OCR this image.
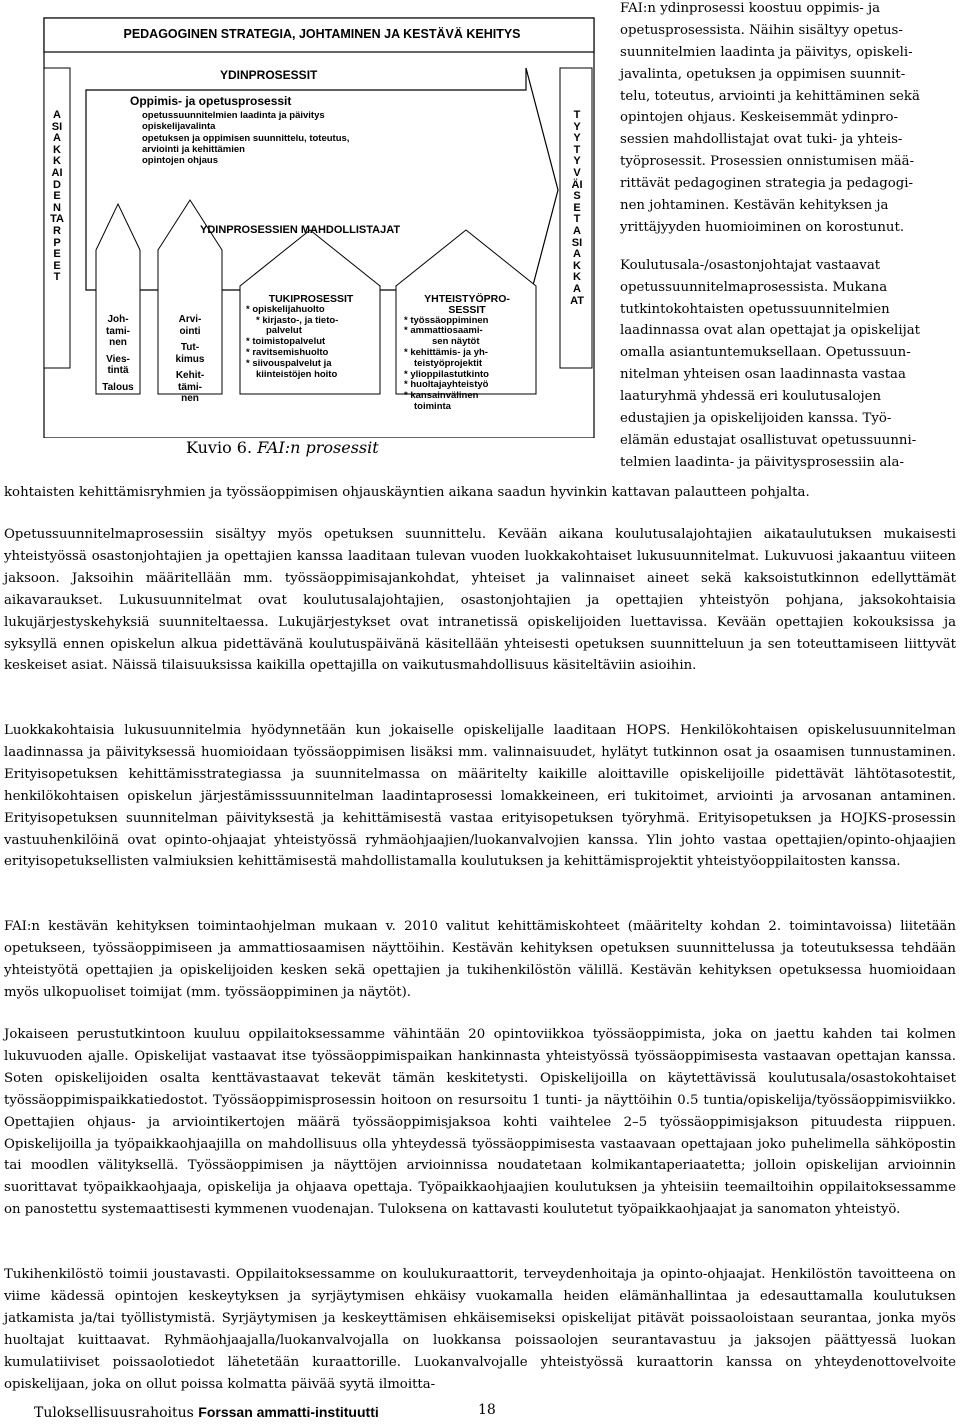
PEDAGOGINEN STRATEGIA, JOHTAMINEN JA KESTÄVÄ KEHITYS
ASIAKKAIDEN TARPEET
TYYTYVÄISET ASIAKKAAT
YDINPROSESSIT
Oppimis- ja opetusprosessit
opetussuunnitelmien laadinta ja päivitys
opiskelijavalinta
opetuksen ja oppimisen suunnittelu, toteutus,
arviointi ja kehittämien
opintojen ohjaus
YDINPROSESSIEN MAHDOLLISTAJAT
Joh-
tami-
nen
Vies-
tintä
Talous
Arvi-
ointi
Tut-
kimus
Kehit-
tämi-
nen
TUKIPROSESSIT
* opiskelijahuolto
* kirjasto-, ja tieto-
palvelut
* toimistopalvelut
* ravitsemishuolto
* siivouspalvelut ja
kiinteistöjen hoito
YHTEISTYÖPRO-
SESSIT
* työssäoppiminen
* ammattiosaami-
sen näytöt
* kehittämis- ja yh-
teistyöprojektit
* ylioppilastutkinto
* huoltajayhteistyö
* kansainvälinen
toiminta
Kuvio 6. FAI:n prosessit
FAI:n ydinprosessi koostuu oppimis- ja
opetusprosessista. Näihin sisältyy opetus-
suunnitelmien laadinta ja päivitys, opiskeli-
javalinta, opetuksen ja oppimisen suunnit-
telu, toteutus, arviointi ja kehittäminen sekä
opintojen ohjaus. Keskeisemmät ydinpro-
sessien mahdollistajat ovat tuki- ja yhteis-
työprosessit. Prosessien onnistumisen mää-
rittävät pedagoginen strategia ja pedagogi-
nen johtaminen. Kestävän kehityksen ja
yrittäjyyden huomioiminen on korostunut.
Koulutusala-/osastonjohtajat vastaavat
opetussuunnitelmaprosessista. Mukana
tutkintokohtaisten opetussuunnitelmien
laadinnassa ovat alan opettajat ja opiskelijat
omalla asiantuntemuksellaan. Opetussuun-
nitelman yhteisen osan laadinnasta vastaa
laaturyhmä yhdessä eri koulutusalojen
edustajien ja opiskelijoiden kanssa. Työ-
elämän edustajat osallistuvat opetussuunni-
telmien laadinta- ja päivitysprosessiin ala-
kohtaisten kehittämisryhmien ja työssäoppimisen ohjauskäyntien aikana saadun hyvinkin kattavan palautteen pohjalta.
Opetussuunnitelmaprosessiin sisältyy myös opetuksen suunnittelu. Kevään aikana koulutusalajohtajien aikataulutuksen mukaisesti yhteistyössä osastonjohtajien ja opettajien kanssa laaditaan tulevan vuoden luokkakohtaiset lukusuunnitelmat. Lukuvuosi jakaantuu viiteen jaksoon. Jaksoihin määritellään mm. työssäoppimisajankohdat, yhteiset ja valinnaiset aineet sekä kaksoistutkinnon edellyttämät aikavaraukset. Lukusuunnitelmat ovat koulutusalajohtajien, osastonjohtajien ja opettajien yhteistyön pohjana, jaksokohtaisia lukujärjestyskehyksiä suunniteltaessa. Lukujärjestykset ovat intranetissä opiskelijoiden luettavissa. Kevään opettajien kokouksissa ja syksyllä ennen opiskelun alkua pidettävänä koulutuspäivänä käsitellään yhteisesti opetuksen suunnitteluun ja sen toteuttamiseen liittyvät keskeiset asiat. Näissä tilaisuuksissa kaikilla opettajilla on vaikutusmahdollisuus käsiteltäviin asioihin.
Luokkakohtaisia lukusuunnitelmia hyödynnetään kun jokaiselle opiskelijalle laaditaan HOPS. Henkilökohtaisen opiskelusuunnitelman laadinnassa ja päivityksessä huomioidaan työssäoppimisen lisäksi mm. valinnaisuudet, hylätyt tutkinnon osat ja osaamisen tunnustaminen. Erityisopetuksen kehittämisstrategiassa ja suunnitelmassa on määritelty kaikille aloittaville opiskelijoille pidettävät lähtötasotestit, henkilökohtaisen opiskelun järjestämisssuunnitelman laadintaprosessi lomakkeineen, eri tukitoimet, arviointi ja arvosanan antaminen. Erityisopetuksen suunnitelman päivityksestä ja kehittämisestä vastaa erityisopetuksen työryhmä. Erityisopetuksen ja HOJKS-prosessin vastuuhenkilöinä ovat opinto-ohjaajat yhteistyössä ryhmäohjaajien/luokanvalvojien kanssa. Ylin johto vastaa opettajien/opinto-ohjaajien erityisopetuksellisten valmiuksien kehittämisestä mahdollistamalla koulutuksen ja kehittämisprojektit yhteistyöoppilaitosten kanssa.
FAI:n kestävän kehityksen toimintaohjelman mukaan v. 2010 valitut kehittämiskohteet (määritelty kohdan 2. toimintavoissa) liitetään opetukseen, työssäoppimiseen ja ammattiosaamisen näyttöihin. Kestävän kehityksen opetuksen suunnittelussa ja toteutuksessa tehdään yhteistyötä opettajien ja opiskelijoiden kesken sekä opettajien ja tukihenkilöstön välillä. Kestävän kehityksen opetuksessa huomioidaan myös ulkopuoliset toimijat (mm. työssäoppiminen ja näytöt).
Jokaiseen perustutkintoon kuuluu oppilaitoksessamme vähintään 20 opintoviikkoa työssäoppimista, joka on jaettu kahden tai kolmen lukuvuoden ajalle. Opiskelijat vastaavat itse työssäoppimispaikan hankinnasta yhteistyössä työssäoppimisesta vastaavan opettajan kanssa. Soten opiskelijoiden osalta kenttävastaavat tekevät tämän keskitetysti. Opiskelijoilla on käytettävissä koulutusala/osastokohtaiset työssäoppimispaikkatiedostot. Työssäoppimisprosessin hoitoon on resursoitu 1 tunti- ja näyttöihin 0.5 tuntia/opiskelija/työssäoppimisviikko. Opettajien ohjaus- ja arviointikertojen määrä työssäoppimisjaksoa kohti vaihtelee 2–5 työssäoppimisjakson pituudesta riippuen. Opiskelijoilla ja työpaikkaohjaajilla on mahdollisuus olla yhteydessä työssäoppimisesta vastaavaan opettajaan joko puhelimella sähköpostin tai moodlen välityksellä. Työssäoppimisen ja näyttöjen arvioinnissa noudatetaan kolmikantaperiaatetta; jolloin opiskelijan arvioinnin suorittavat työpaikkaohjaaja, opiskelija ja ohjaava opettaja. Työpaikkaohjaajien koulutuksen ja yhteisiin teemailtoihin oppilaitoksessamme on panostettu systemaattisesti kymmenen vuodenajan. Tuloksena on kattavasti koulutetut työpaikkaohjaajat ja sanomaton yhteistyö.
Tukihenkilöstö toimii joustavasti. Oppilaitoksessamme on koulukuraattorit, terveydenhoitaja ja opinto-ohjaajat. Henkilöstön tavoitteena on viime kädessä opintojen keskeytyksen ja syrjäytymisen ehkäisy vuokamalla heiden elämänhallintaa ja edesauttamalla koulutuksen jatkamista ja/tai työllistymistä. Syrjäytymisen ja keskeyttämisen ehkäisemiseksi opiskelijat pitävät poissaoloistaan seurantaa, jonka myös huoltajat kuittaavat. Ryhmäohjaajalla/luokanvalvojalla on luokkansa poissaolojen seurantavastuu ja jaksojen päättyessä luokan kumulatiiviset poissaolotiedot lähetetään kuraattorille. Luokanvalvojalle yhteistyössä kuraattorin kanssa on yhteydenottovelvoite opiskelijaan, joka on ollut poissa kolmatta päivää syytä ilmoitta-
Tuloksellisuusrahoitus Forssan ammatti-instituutti	18
